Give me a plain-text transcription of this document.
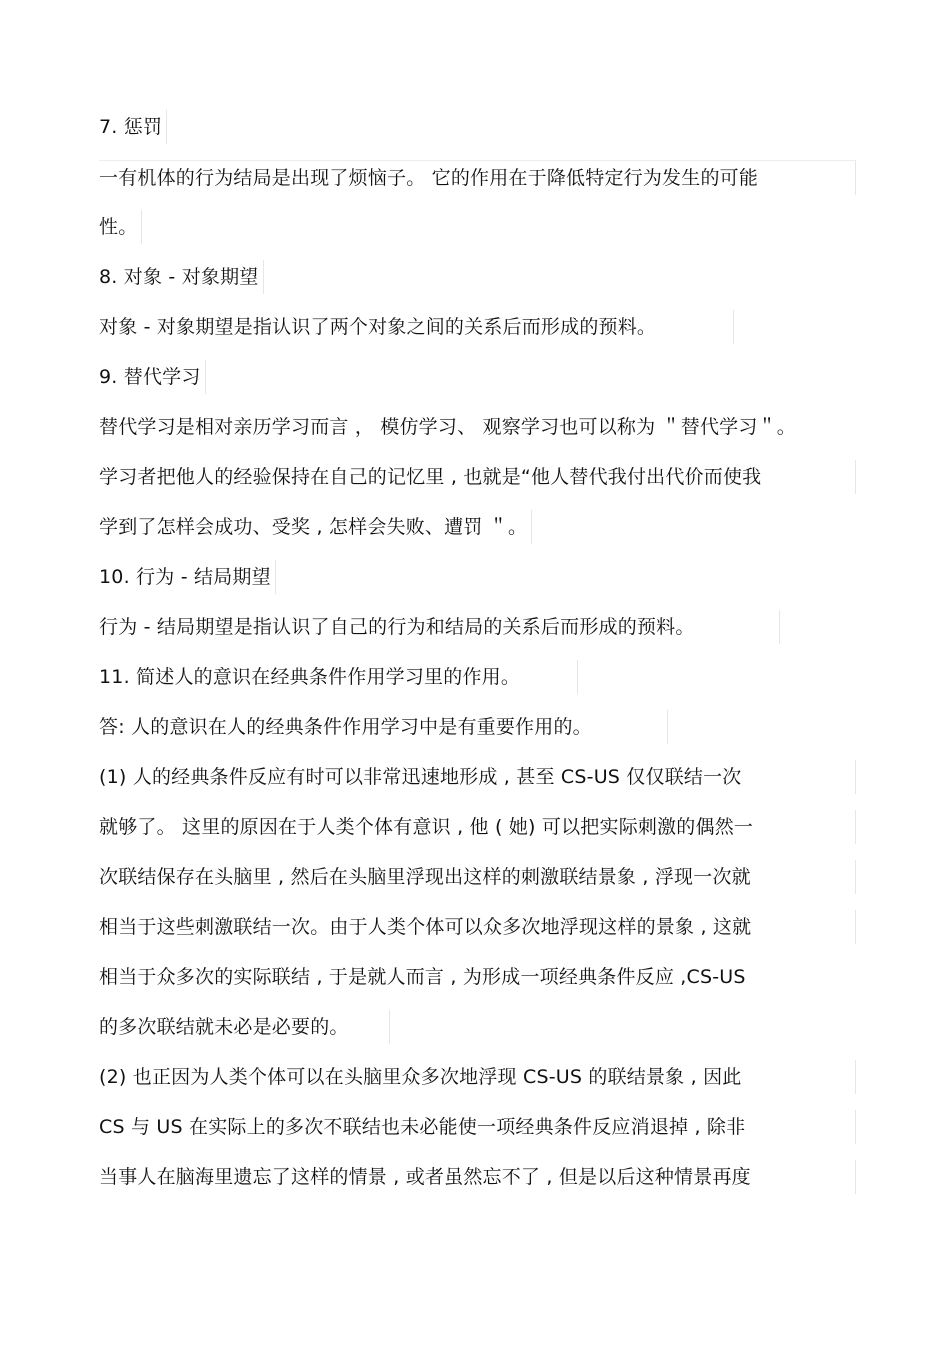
7. 惩罚
一有机体的行为结局是出现了烦恼子。 它的作用在于降低特定行为发生的可能
性。
8. 对象 - 对象期望
对象 - 对象期望是指认识了两个对象之间的关系后而形成的预料。
9. 替代学习
替代学习是相对亲历学习而言 ， 模仿学习、 观察学习也可以称为 ＂替代学习＂。
学习者把他人的经验保持在自己的记忆里 , 也就是“他人替代我付出代价而使我
学到了怎样会成功、受奖 , 怎样会失败、遭罚 ＂。
10. 行为 - 结局期望
行为 - 结局期望是指认识了自己的行为和结局的关系后而形成的预料。
11. 简述人的意识在经典条件作用学习里的作用。
答: 人的意识在人的经典条件作用学习中是有重要作用的。
(1) 人的经典条件反应有时可以非常迅速地形成 , 甚至 CS-US 仅仅联结一次
就够了。 这里的原因在于人类个体有意识 , 他 ( 她) 可以把实际刺激的偶然一
次联结保存在头脑里 , 然后在头脑里浮现出这样的刺激联结景象 , 浮现一次就
相当于这些刺激联结一次。由于人类个体可以众多次地浮现这样的景象 , 这就
相当于众多次的实际联结 , 于是就人而言 , 为形成一项经典条件反应 ,CS-US
的多次联结就未必是必要的。
(2) 也正因为人类个体可以在头脑里众多次地浮现 CS-US 的联结景象 , 因此
CS 与 US 在实际上的多次不联结也未必能使一项经典条件反应消退掉 , 除非
当事人在脑海里遗忘了这样的情景 , 或者虽然忘不了 , 但是以后这种情景再度
